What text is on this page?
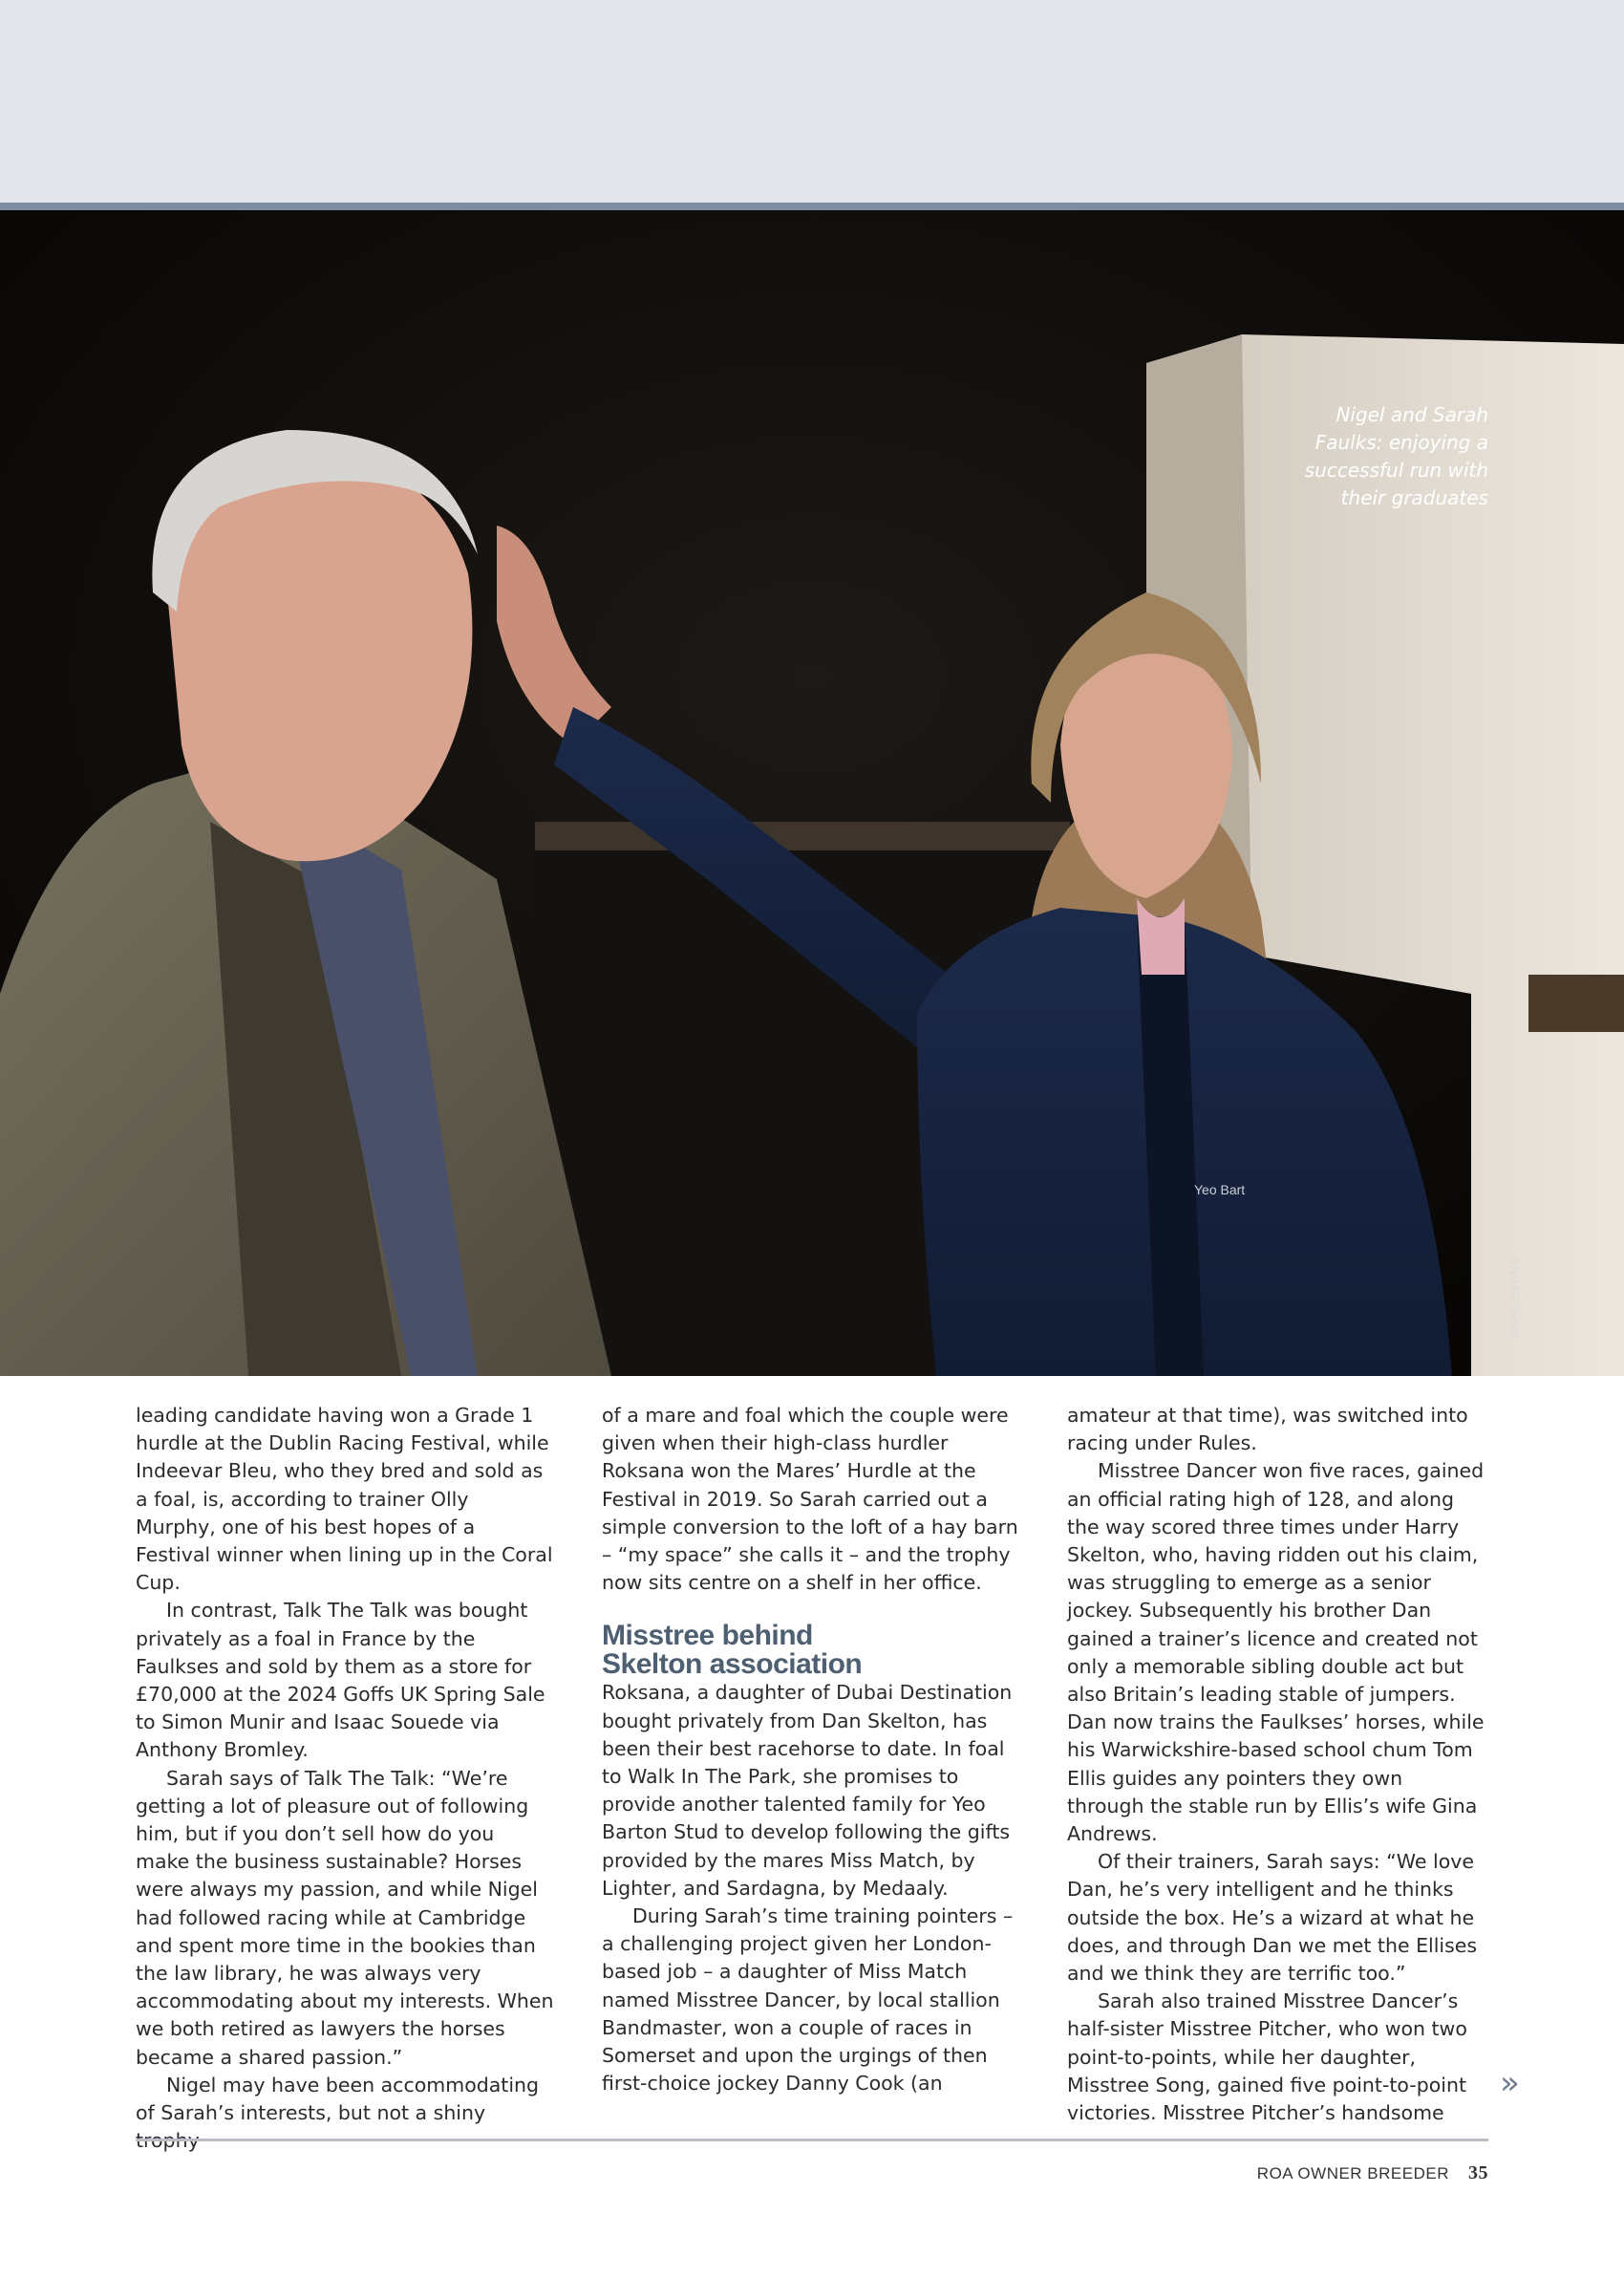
Yeo Bart
Nigel and Sarah
Faulks: enjoying a
successful run with
their graduates
CARL EVANS

leading candidate having won a Grade 1 hurdle at the Dublin Racing Festival, while Indeevar Bleu, who they bred and sold as a foal, is, according to trainer Olly Murphy, one of his best hopes of a Festival winner when lining up in the Coral Cup.

In contrast, Talk The Talk was bought privately as a foal in France by the Faulkses and sold by them as a store for £70,000 at the 2024 Goffs UK Spring Sale to Simon Munir and Isaac Souede via Anthony Bromley.

Sarah says of Talk The Talk: “We’re getting a lot of pleasure out of following him, but if you don’t sell how do you make the business sustainable? Horses were always my passion, and while Nigel had followed racing while at Cambridge and spent more time in the bookies than the law library, he was always very accommodating about my interests. When we both retired as lawyers the horses became a shared passion.”

Nigel may have been accommodating of Sarah’s interests, but not a shiny

of a mare and foal which the couple were given when their high-class hurdler Roksana won the Mares’ Hurdle at the Festival in 2019. So Sarah carried out a simple conversion to the loft of a hay barn – “my space” she calls it – and the trophy now sits centre on a shelf in her office.

Misstree behind
Skelton association

Roksana, a daughter of Dubai Destination bought privately from Dan Skelton, has been their best racehorse to date. In foal to Walk In The Park, she promises to provide another talented family for Yeo Barton Stud to develop following the gifts provided by the mares Miss Match, by Lighter, and Sardagna, by Medaaly.

During Sarah’s time training pointers – a challenging project given her London-based job – a daughter of Miss Match named Misstree Dancer, by local stallion Bandmaster, won a couple of races in Somerset and upon the urgings of then first-choice jockey Danny Cook (an

amateur at that time), was switched into racing under Rules.

Misstree Dancer won five races, gained an official rating high of 128, and along the way scored three times under Harry Skelton, who, having ridden out his claim, was struggling to emerge as a senior jockey. Subsequently his brother Dan gained a trainer’s licence and created not only a memorable sibling double act but also Britain’s leading stable of jumpers. Dan now trains the Faulkses’ horses, while his Warwickshire-based school chum Tom Ellis guides any pointers they own through the stable run by Ellis’s wife Gina Andrews.

Of their trainers, Sarah says: “We love Dan, he’s very intelligent and he thinks outside the box. He’s a wizard at what he does, and through Dan we met the Ellises and we think they are terrific too.”

Sarah also trained Misstree Dancer’s half-sister Misstree Pitcher, who won two point-to-points, while her daughter, Misstree Song, gained five point-to-point victories. Misstree Pitcher’s handsome

»
ROA OWNER BREEDER 35
